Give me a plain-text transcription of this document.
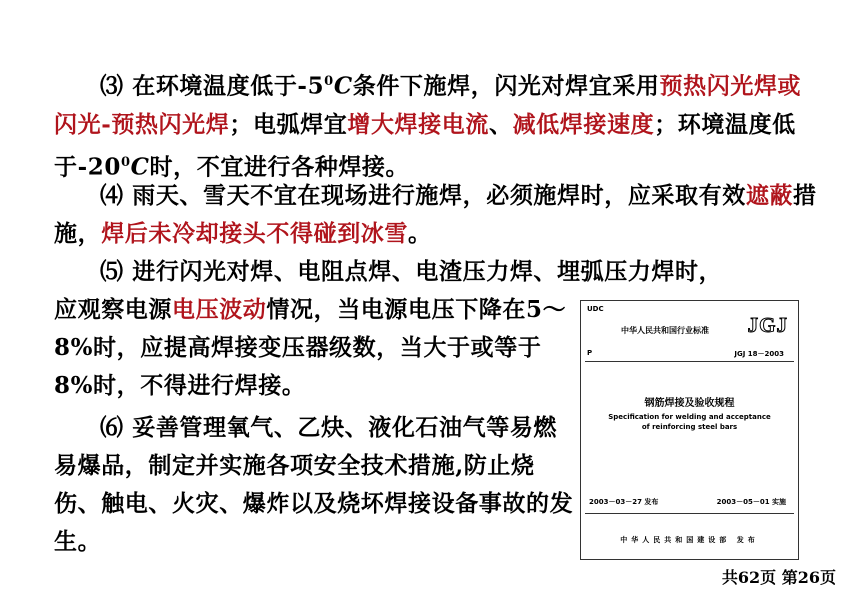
⑶ 在环境温度低于$-5^0C$条件下施焊，闪光对焊宜采用预热闪光焊或闪光-预热闪光焊；电弧焊宜增大焊接电流、减低焊接速度；环境温度低于$-20^0C$时，不宜进行各种焊接。

⑷ 雨天、雪天不宜在现场进行施焊，必须施焊时，应采取有效遮蔽措施，焊后未冷却接头不得碰到冰雪。

⑸ 进行闪光对焊、电阻点焊、电渣压力焊、埋弧压力焊时，

应观察电源电压波动情况，当电源电压下降在5～8%时，应提高焊接变压器级数，当大于或等于8%时，不得进行焊接。

⑹ 妥善管理氧气、乙炔、液化石油气等易燃易爆品，制定并实施各项安全技术措施,防止烧伤、触电、火灾、爆炸以及烧坏焊接设备事故的发生。

UDC
中华人民共和国行业标准 JGJ
P	JGJ 18－2003
钢筋焊接及验收规程
Specification for welding and acceptance
of reinforcing steel bars
2003－03－27 发布	2003－05－01 实施
中华人民共和国建设部 发布
共62页 第26页
